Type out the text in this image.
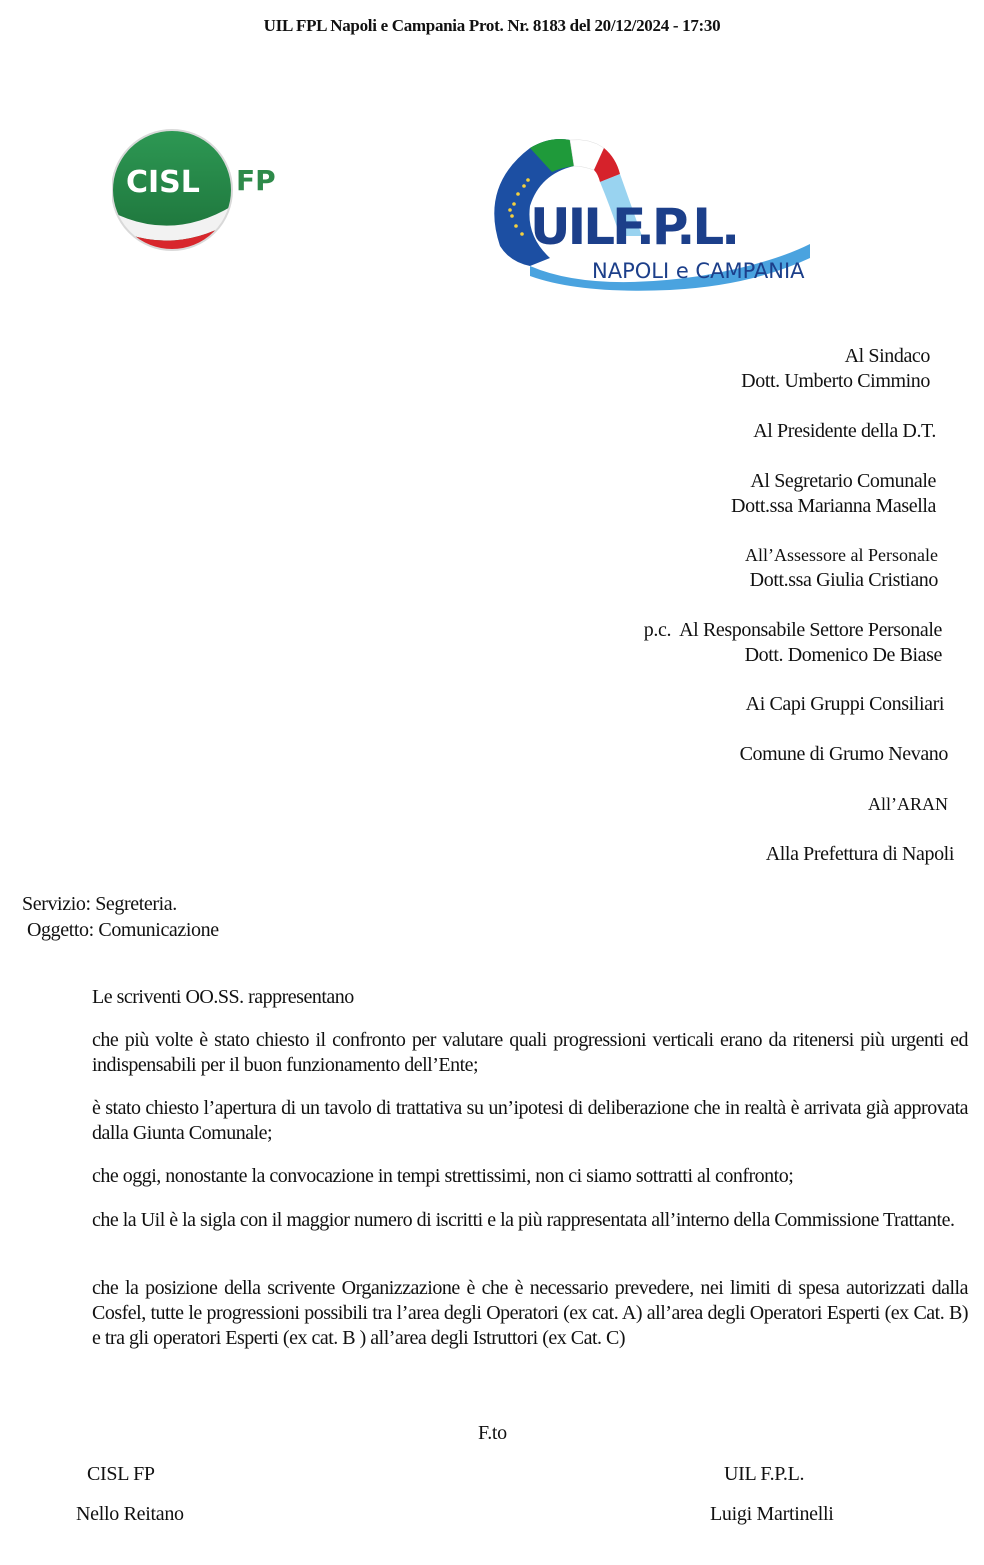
UIL FPL Napoli e Campania Prot. Nr. 8183 del 20/12/2024 - 17:30
CISL FP
UILF.P.L.
NAPOLI e CAMPANIA
Al Sindaco
Dott. Umberto Cimmino
Al Presidente della D.T.
Al Segretario Comunale
Dott.ssa Marianna Masella
All’Assessore al Personale
Dott.ssa Giulia Cristiano
p.c.  Al Responsabile Settore Personale
Dott. Domenico De Biase
Ai Capi Gruppi Consiliari
Comune di Grumo Nevano
All’ARAN
Alla Prefettura di Napoli
Servizio: Segreteria.
Oggetto: Comunicazione

Le scriventi OO.SS. rappresentano

che più volte è stato chiesto il confronto per valutare quali progressioni verticali erano da ritenersi più urgenti ed indispensabili per il buon funzionamento dell’Ente;

è stato chiesto l’apertura di un tavolo di trattativa su un’ipotesi di deliberazione che in realtà è arrivata già approvata dalla Giunta Comunale;

che oggi, nonostante la convocazione in tempi strettissimi, non ci siamo sottratti al confronto;

che la Uil è la sigla con il maggior numero di iscritti e la più rappresentata all’interno della Commissione Trattante.

che la posizione della scrivente Organizzazione è che è necessario prevedere, nei limiti di spesa autorizzati dalla Cosfel, tutte le progressioni possibili tra l’area degli Operatori (ex cat. A) all’area degli Operatori Esperti (ex Cat. B) e tra gli operatori Esperti (ex cat. B ) all’area degli Istruttori (ex Cat. C)

F.to
CISL FP	UIL F.P.L.
Nello Reitano	Luigi Martinelli
